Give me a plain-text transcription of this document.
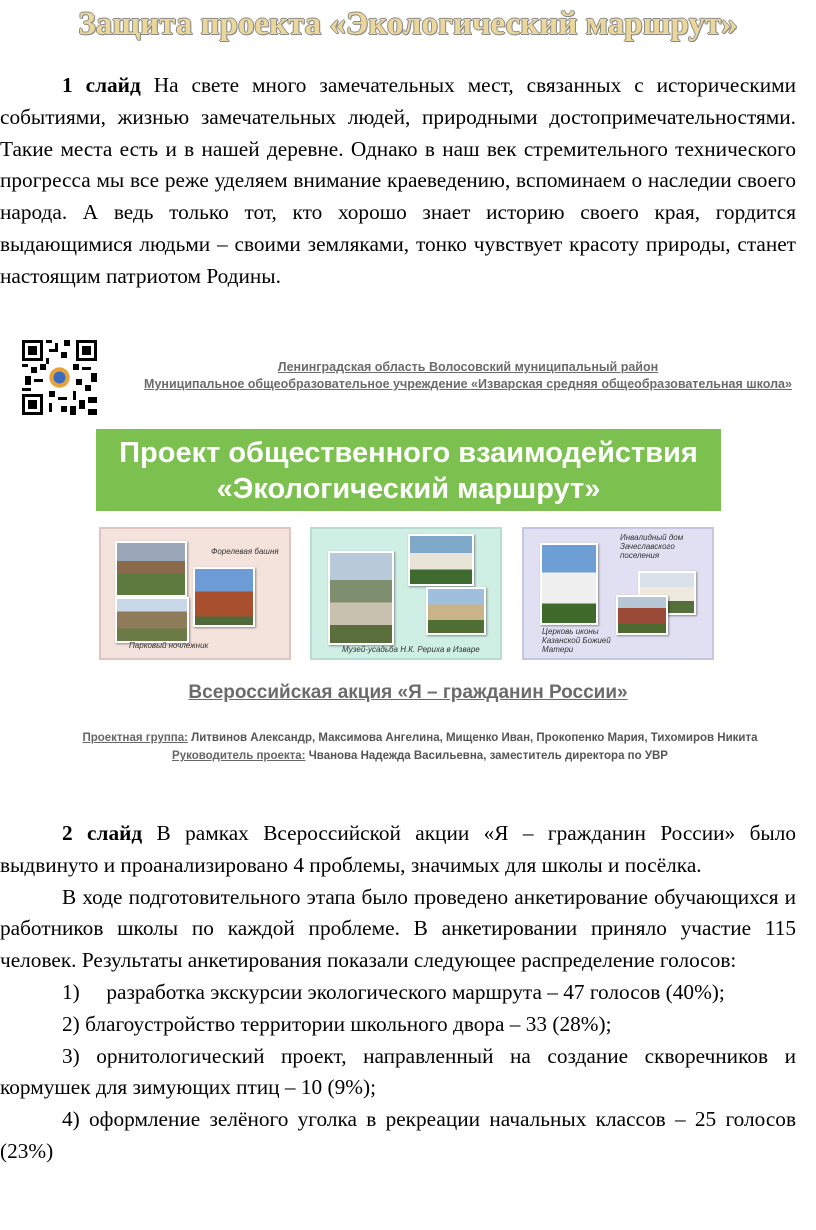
Защита проекта «Экологический маршрут»
1 слайд На свете много замечательных мест, связанных с историческими событиями, жизнью замечательных людей, природными достопримечательностями. Такие места есть и в нашей деревне. Однако в наш век стремительного технического прогресса мы все реже уделяем внимание краеведению, вспоминаем о наследии своего народа. А ведь только тот, кто хорошо знает историю своего края, гордится выдающимися людьми – своими земляками, тонко чувствует красоту природы, станет настоящим патриотом Родины.
Ленинградская область Волосовский муниципальный район
Муниципальное общеобразовательное учреждение «Изварская средняя общеобразовательная школа»
Проект общественного взаимодействия
«Экологический маршрут»
Форелевая башня
Парковый ночлежник	Музей-усадьба Н.К. Рериха в Изваре
Инвалидный дом Зачеславского поселения
Церковь иконы Казанской Божией Матери
Всероссийская акция «Я – гражданин России»
Проектная группа: Литвинов Александр, Максимова Ангелина, Мищенко Иван, Прокопенко Мария, Тихомиров Никита
Руководитель проекта: Чванова Надежда Васильевна, заместитель директора по УВР
2 слайд В рамках Всероссийской акции «Я – гражданин России» было выдвинуто и проанализировано 4 проблемы, значимых для школы и посёлка.
В ходе подготовительного этапа было проведено анкетирование обучающихся и работников школы по каждой проблеме. В анкетировании приняло участие 115 человек. Результаты анкетирования показали следующее распределение голосов:
1)     разработка экскурсии экологического маршрута – 47 голосов (40%);
2) благоустройство территории школьного двора – 33 (28%);
3) орнитологический проект, направленный на создание скворечников и кормушек для зимующих птиц – 10 (9%);
4) оформление зелёного уголка в рекреации начальных классов – 25 голосов (23%)
